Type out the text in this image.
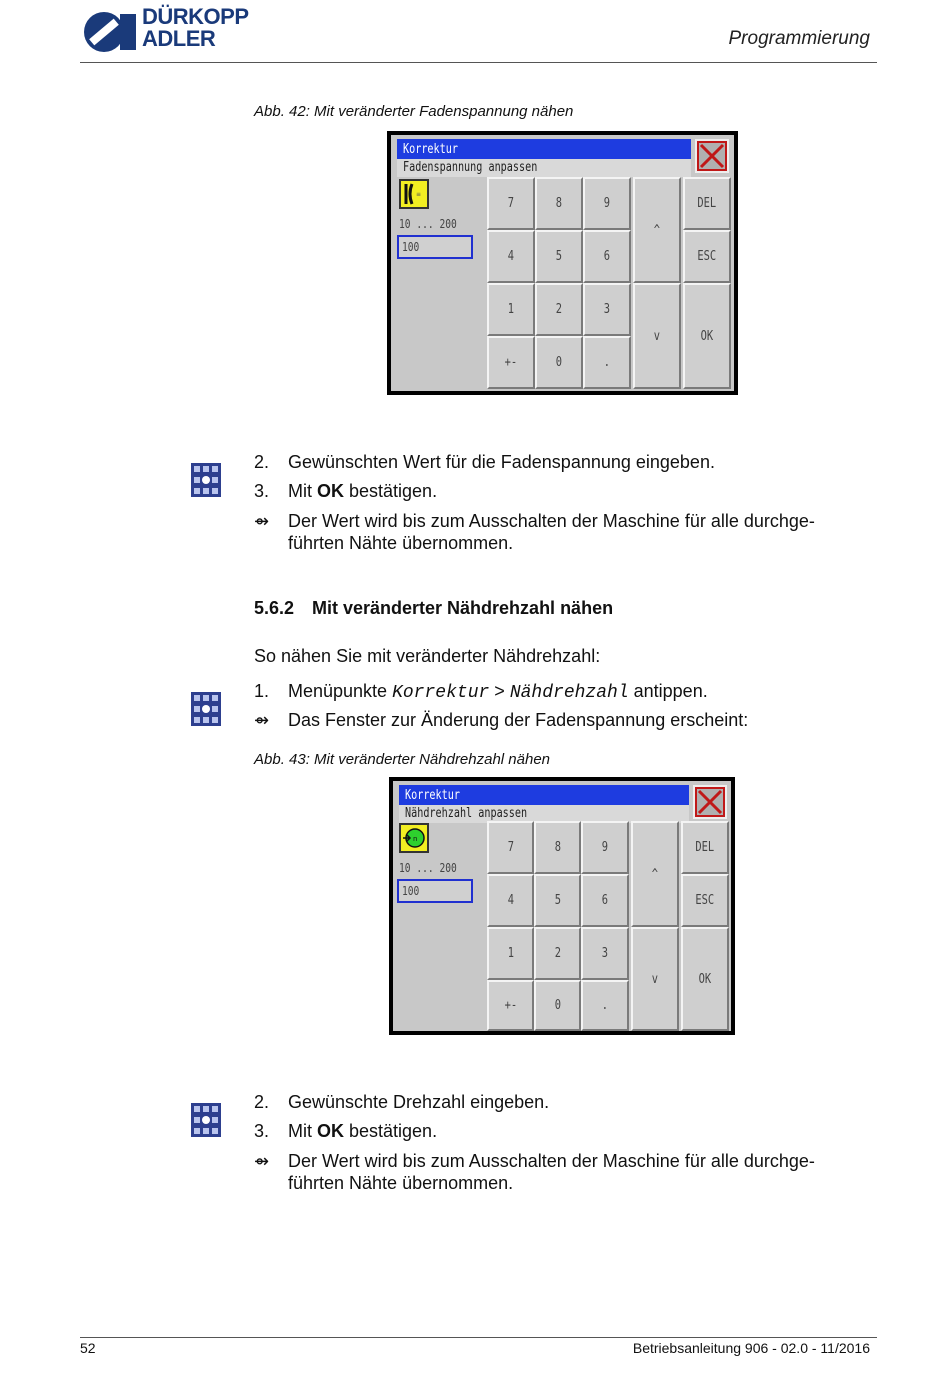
DÜRKOPP
ADLER	Programmierung
Abb. 42: Mit veränderter Fadenspannung nähen
Korrektur
Fadenspannung anpassen
≡
10 ... 200
100
7	8	9
^
DEL
4	5	6	ESC
1	2	3
v	OK
+-	0	.
2. Gewünschten Wert für die Fadenspannung eingeben.
3. Mit OK bestätigen.
⇴ Der Wert wird bis zum Ausschalten der Maschine für alle durchge-
führten Nähte übernommen.
5.6.2 Mit veränderter Nähdrehzahl nähen
So nähen Sie mit veränderter Nähdrehzahl:
1. Menüpunkte Korrektur > Nähdrehzahl antippen.
⇴ Das Fenster zur Änderung der Fadenspannung erscheint:
Abb. 43: Mit veränderter Nähdrehzahl nähen
Korrektur
Nähdrehzahl anpassen
n
10 ... 200
100
7	8	9
^
DEL
4	5	6	ESC
1	2	3
v	OK
+-	0	.
2. Gewünschte Drehzahl eingeben.
3. Mit OK bestätigen.
⇴ Der Wert wird bis zum Ausschalten der Maschine für alle durchge-
führten Nähte übernommen.
52	Betriebsanleitung 906 - 02.0 - 11/2016
